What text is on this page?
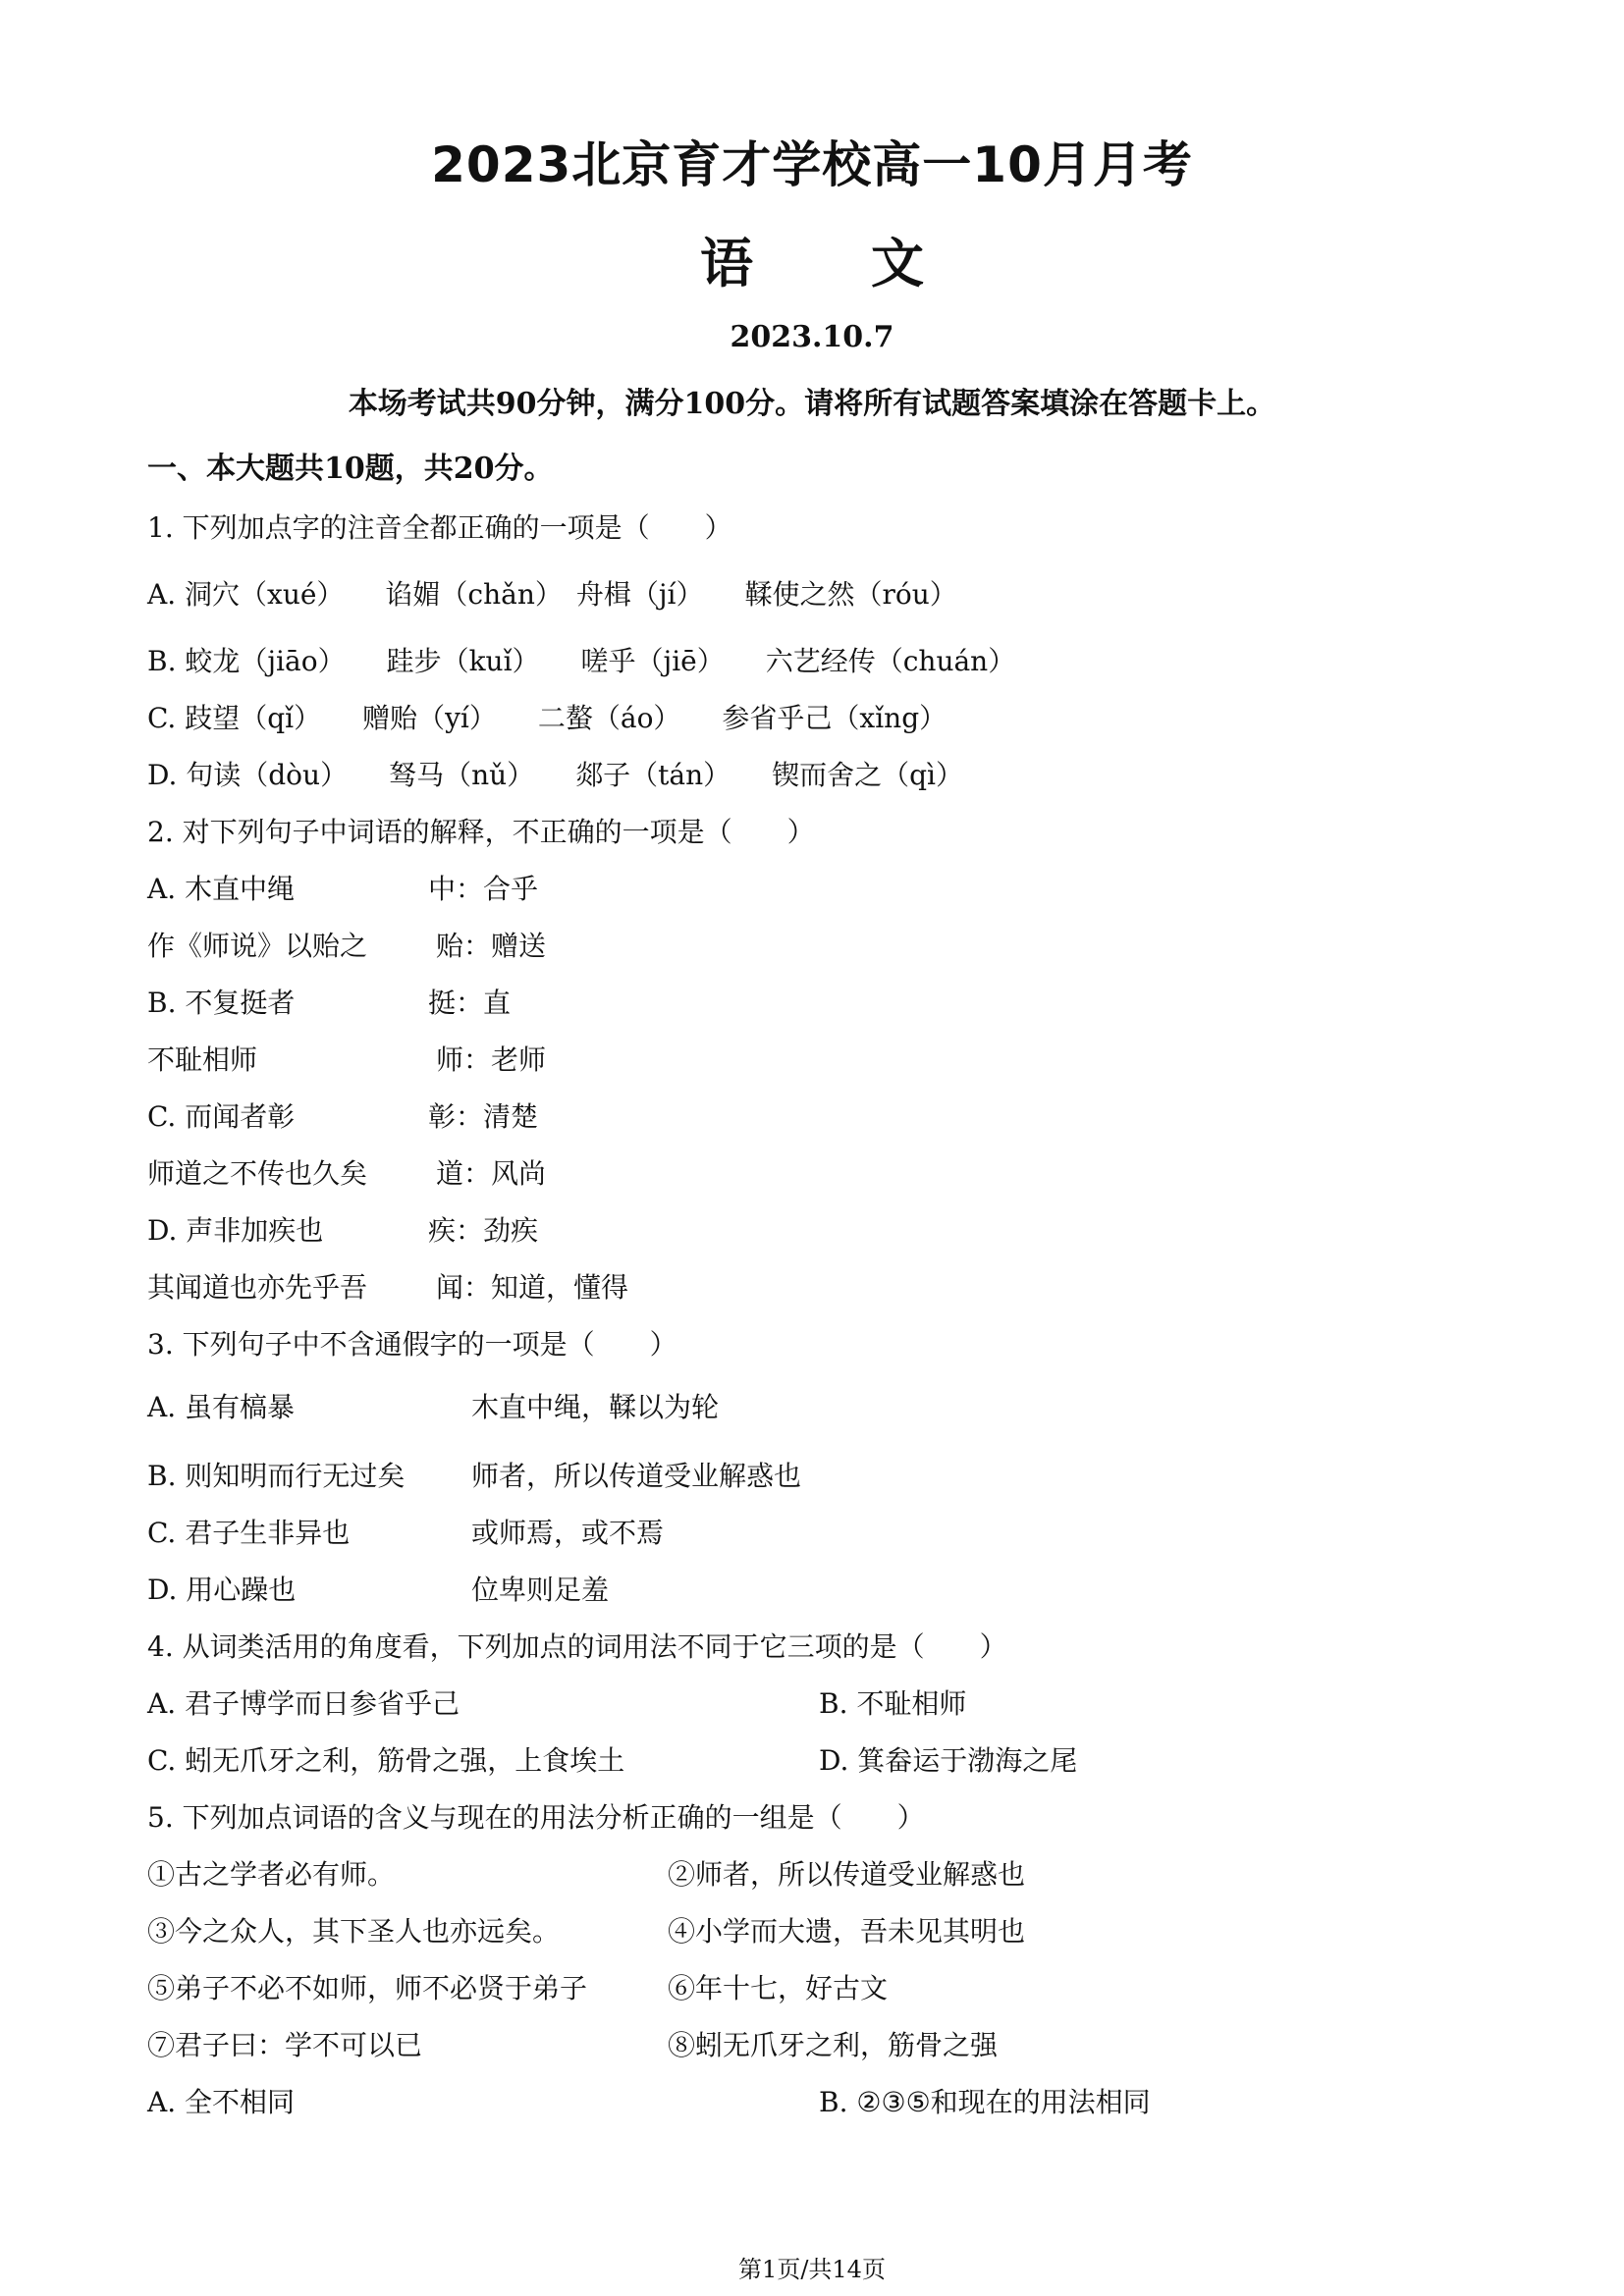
2023北京育才学校高一10月月考
语 文
2023.10.7
本场考试共90分钟，满分100分。请将所有试题答案填涂在答题卡上。
一、本大题共10题，共20分。
1. 下列加点字的注音全都正确的一项是（　　）
A. 洞穴（xué）　　谄媚（chǎn）　舟楫（jí）　　鞣使之然（róu）
B. 蛟龙（jiāo）　　跬步（kuǐ）　　嗟乎（jiē）　　六艺经传（chuán）
C. 跂望（qǐ）　　赠贻（yí）　　二螯（áo）　　参省乎己（xǐng）
D. 句读（dòu）　　驽马（nǔ）　　郯子（tán）　　锲而舍之（qì）
2. 对下列句子中词语的解释，不正确的一项是（　　）
A. 木直中绳	中：合乎
作《师说》以贻之 贻：赠送
B. 不复挺者	挺：直
不耻相师	师：老师
C. 而闻者彰	彰：清楚
师道之不传也久矣 道：风尚
D. 声非加疾也	疾：劲疾
其闻道也亦先乎吾 闻：知道，懂得
3. 下列句子中不含通假字的一项是（　　）
A. 虽有槁暴	木直中绳，鞣以为轮
B. 则知明而行无过矣 师者，所以传道受业解惑也
C. 君子生非异也	或师焉，或不焉
D. 用心躁也	位卑则足羞
4. 从词类活用的角度看，下列加点的词用法不同于它三项的是（　　）
A. 君子博学而日参省乎己	B. 不耻相师
C. 蚓无爪牙之利，筋骨之强，上食埃土	D. 箕畚运于渤海之尾
5. 下列加点词语的含义与现在的用法分析正确的一组是（　　）
①古之学者必有师。	②师者，所以传道受业解惑也
③今之众人，其下圣人也亦远矣。	④小学而大遗，吾未见其明也
⑤弟子不必不如师，师不必贤于弟子	⑥年十七，好古文
⑦君子曰：学不可以已	⑧蚓无爪牙之利，筋骨之强
A. 全不相同	B. ②③⑤和现在的用法相同
第1页/共14页
